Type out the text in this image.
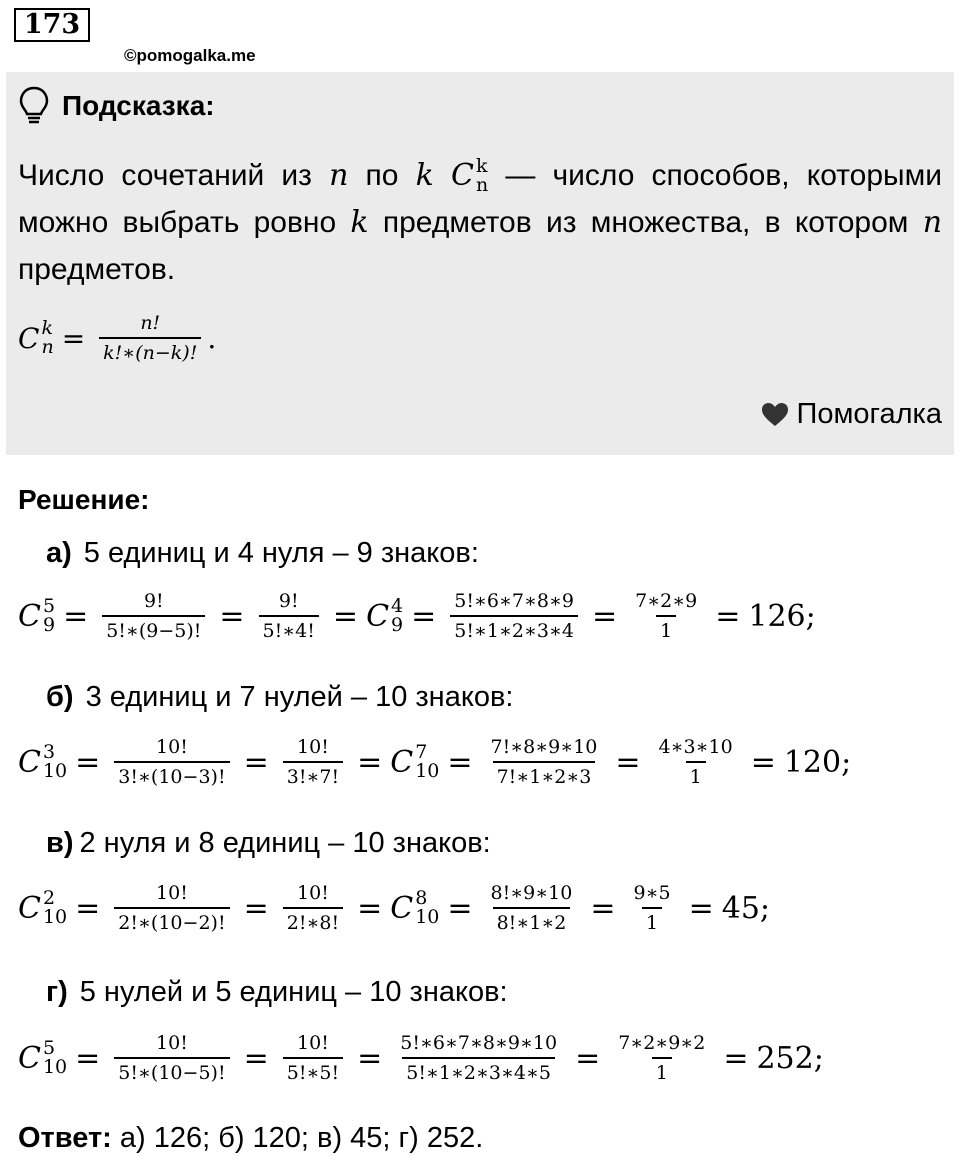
173
©pomogalka.me
Подсказка:
Число сочетаний из n по k C k
n — число способов, которыми можно выбрать ровно k предметов из множества, в котором n предметов.
C k
$n = \frac{n!}{k!∗(n-k)!}$ .
Помогалка
Решение:
а) 5 единиц и 4 нуля – 9 знаков:
C 5
$9 = \frac{9!}{5!∗(9-5)!} = \frac{9!}{5!∗4!} = C$ 4
$9 = \frac{5!∗6∗7∗8∗9}{5!∗1∗2∗3∗4} = \frac{7∗2∗9}{1} = 126$;
б) 3 единиц и 7 нулей – 10 знаков:
C 3
$10 = \frac{10!}{3!∗(10-3)!} = \frac{10!}{3!∗7!} = C$ 7
$10 = \frac{7!∗8∗9∗10}{7!∗1∗2∗3} = \frac{4∗3∗10}{1} = 120$;
в) 2 нуля и 8 единиц – 10 знаков:
C 2
$10 = \frac{10!}{2!∗(10-2)!} = \frac{10!}{2!∗8!} = C$ 8
$10 = \frac{8!∗9∗10}{8!∗1∗2} = \frac{9∗5}{1} = 45$;
г) 5 нулей и 5 единиц – 10 знаков:
C 5
$10 = \frac{10!}{5!∗(10-5)!} = \frac{10!}{5!∗5!} = \frac{5!∗6∗7∗8∗9∗10}{5!∗1∗2∗3∗4∗5} = \frac{7∗2∗9∗2}{1} = 252$;
Ответ: а) 126; б) 120; в) 45; г) 252.
